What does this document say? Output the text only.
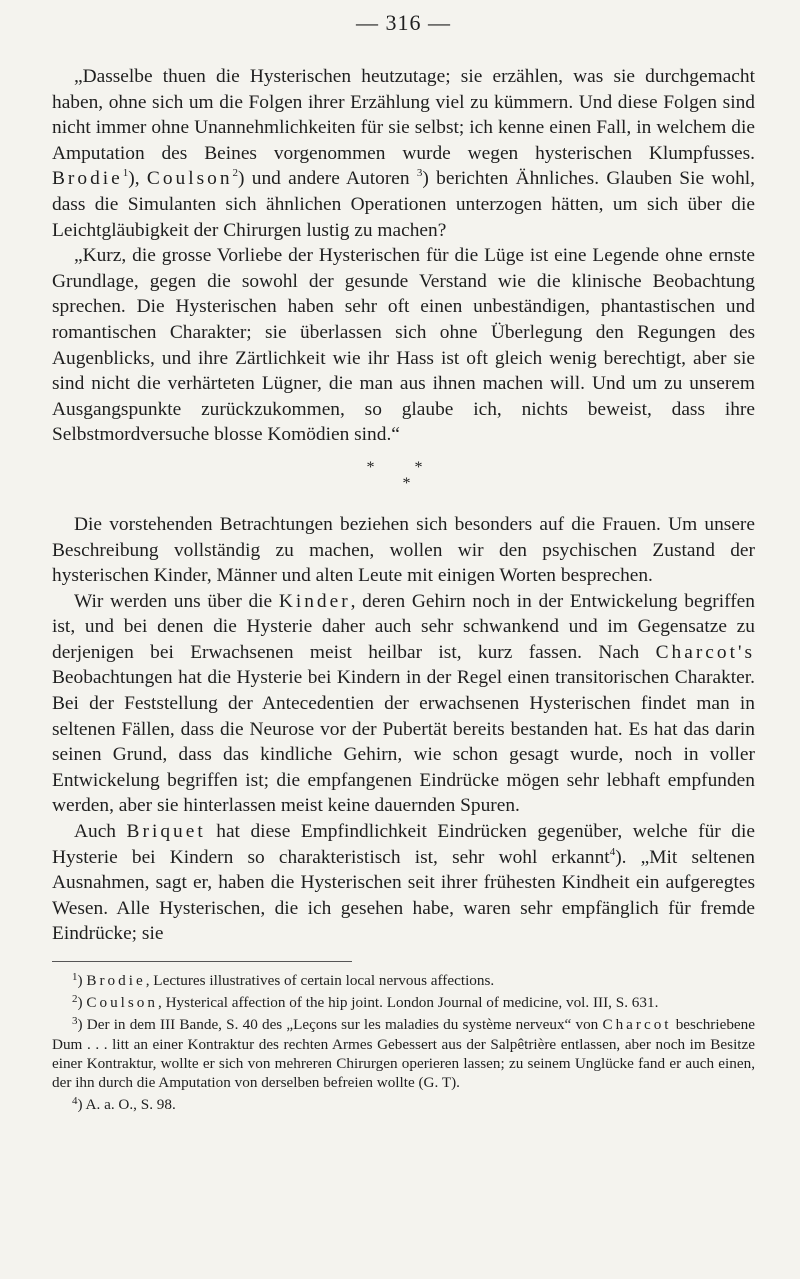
— 316 —

„Dasselbe thuen die Hysterischen heutzutage; sie erzählen, was sie durchgemacht haben, ohne sich um die Folgen ihrer Erzählung viel zu kümmern. Und diese Folgen sind nicht immer ohne Unannehmlichkeiten für sie selbst; ich kenne einen Fall, in welchem die Amputation des Beines vorgenommen wurde wegen hysterischen Klumpfusses. Brodie$^1$), Coulson$^2$) und andere Autoren $^3$) berichten Ähnliches. Glauben Sie wohl, dass die Simulanten sich ähnlichen Operationen unterzogen hätten, um sich über die Leichtgläubigkeit der Chirurgen lustig zu machen?

„Kurz, die grosse Vorliebe der Hysterischen für die Lüge ist eine Legende ohne ernste Grundlage, gegen die sowohl der gesunde Verstand wie die klinische Beobachtung sprechen. Die Hysterischen haben sehr oft einen unbeständigen, phantastischen und romantischen Charakter; sie überlassen sich ohne Überlegung den Regungen des Augenblicks, und ihre Zärtlichkeit wie ihr Hass ist oft gleich wenig berechtigt, aber sie sind nicht die verhärteten Lügner, die man aus ihnen machen will. Und um zu unserem Ausgangspunkte zurückzukommen, so glaube ich, nichts beweist, dass ihre Selbstmordversuche blosse Komödien sind.“

* *
*

Die vorstehenden Betrachtungen beziehen sich besonders auf die Frauen. Um unsere Beschreibung vollständig zu machen, wollen wir den psychischen Zustand der hysterischen Kinder, Männer und alten Leute mit einigen Worten besprechen.

Wir werden uns über die Kinder, deren Gehirn noch in der Entwickelung begriffen ist, und bei denen die Hysterie daher auch sehr schwankend und im Gegensatze zu derjenigen bei Erwachsenen meist heilbar ist, kurz fassen. Nach Charcot's Beobachtungen hat die Hysterie bei Kindern in der Regel einen transitorischen Charakter. Bei der Feststellung der Antecedentien der erwachsenen Hysterischen findet man in seltenen Fällen, dass die Neurose vor der Pubertät bereits bestanden hat. Es hat das darin seinen Grund, dass das kindliche Gehirn, wie schon gesagt wurde, noch in voller Entwickelung begriffen ist; die empfangenen Eindrücke mögen sehr lebhaft empfunden werden, aber sie hinterlassen meist keine dauernden Spuren.

Auch Briquet hat diese Empfindlichkeit Eindrücken gegenüber, welche für die Hysterie bei Kindern so charakteristisch ist, sehr wohl erkannt$^4$). „Mit seltenen Ausnahmen, sagt er, haben die Hysterischen seit ihrer frühesten Kindheit ein aufgeregtes Wesen. Alle Hysterischen, die ich gesehen habe, waren sehr empfänglich für fremde Eindrücke; sie

$^1$) Brodie, Lectures illustratives of certain local nervous affections.

$^2$) Coulson, Hysterical affection of the hip joint. London Journal of medicine, vol. III, S. 631.

$^3$) Der in dem III Bande, S. 40 des „Leçons sur les maladies du système nerveux“ von Charcot beschriebene Dum . . . litt an einer Kontraktur des rechten Armes Gebessert aus der Salpêtrière entlassen, aber noch im Besitze einer Kontraktur, wollte er sich von mehreren Chirurgen operieren lassen; zu seinem Unglücke fand er auch einen, der ihn durch die Amputation von derselben befreien wollte (G. T).

$^4$) A. a. O., S. 98.
